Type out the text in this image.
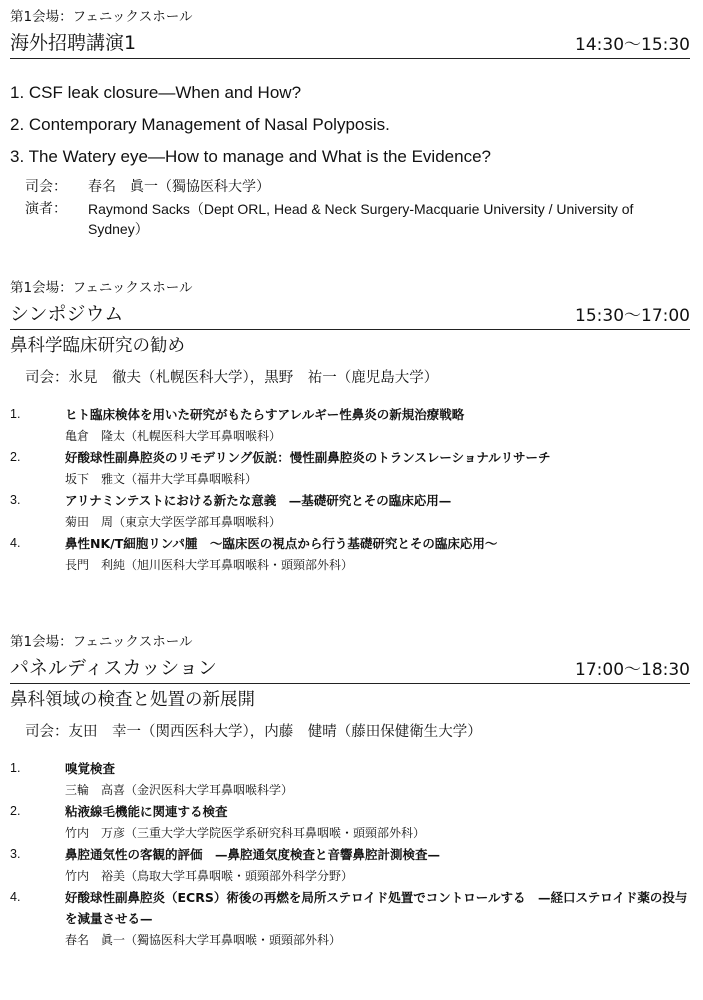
第1会場：フェニックスホール
海外招聘講演1	14:30〜15:30
1. CSF leak closure—When and How?
2. Contemporary Management of Nasal Polyposis.
3. The Watery eye—How to manage and What is the Evidence?
司会：	春名　眞一（獨協医科大学）
演者：	Raymond Sacks（Dept ORL, Head & Neck Surgery-Macquarie University / University of Sydney）
第1会場：フェニックスホール
シンポジウム	15:30〜17:00
鼻科学臨床研究の勧め
司会：氷見　徹夫（札幌医科大学），黒野　祐一（鹿児島大学）
1.	ヒト臨床検体を用いた研究がもたらすアレルギー性鼻炎の新規治療戦略
亀倉　隆太（札幌医科大学耳鼻咽喉科）
2.	好酸球性副鼻腔炎のリモデリング仮説：慢性副鼻腔炎のトランスレーショナルリサーチ
坂下　雅文（福井大学耳鼻咽喉科）
3.	アリナミンテストにおける新たな意義　—基礎研究とその臨床応用—
菊田　周（東京大学医学部耳鼻咽喉科）
4.	鼻性NK/T細胞リンパ腫　〜臨床医の視点から行う基礎研究とその臨床応用〜
長門　利純（旭川医科大学耳鼻咽喉科・頭頸部外科）
第1会場：フェニックスホール
パネルディスカッション	17:00〜18:30
鼻科領域の検査と処置の新展開
司会：友田　幸一（関西医科大学），内藤　健晴（藤田保健衛生大学）
1.	嗅覚検査
三輪　高喜（金沢医科大学耳鼻咽喉科学）
2.	粘液線毛機能に関連する検査
竹内　万彦（三重大学大学院医学系研究科耳鼻咽喉・頭頸部外科）
3.	鼻腔通気性の客観的評価　—鼻腔通気度検査と音響鼻腔計測検査—
竹内　裕美（鳥取大学耳鼻咽喉・頭頸部外科学分野）
4.	好酸球性副鼻腔炎（ECRS）術後の再燃を局所ステロイド処置でコントロールする　—経口ステロイド薬の投与を減量させる—
春名　眞一（獨協医科大学耳鼻咽喉・頭頸部外科）
